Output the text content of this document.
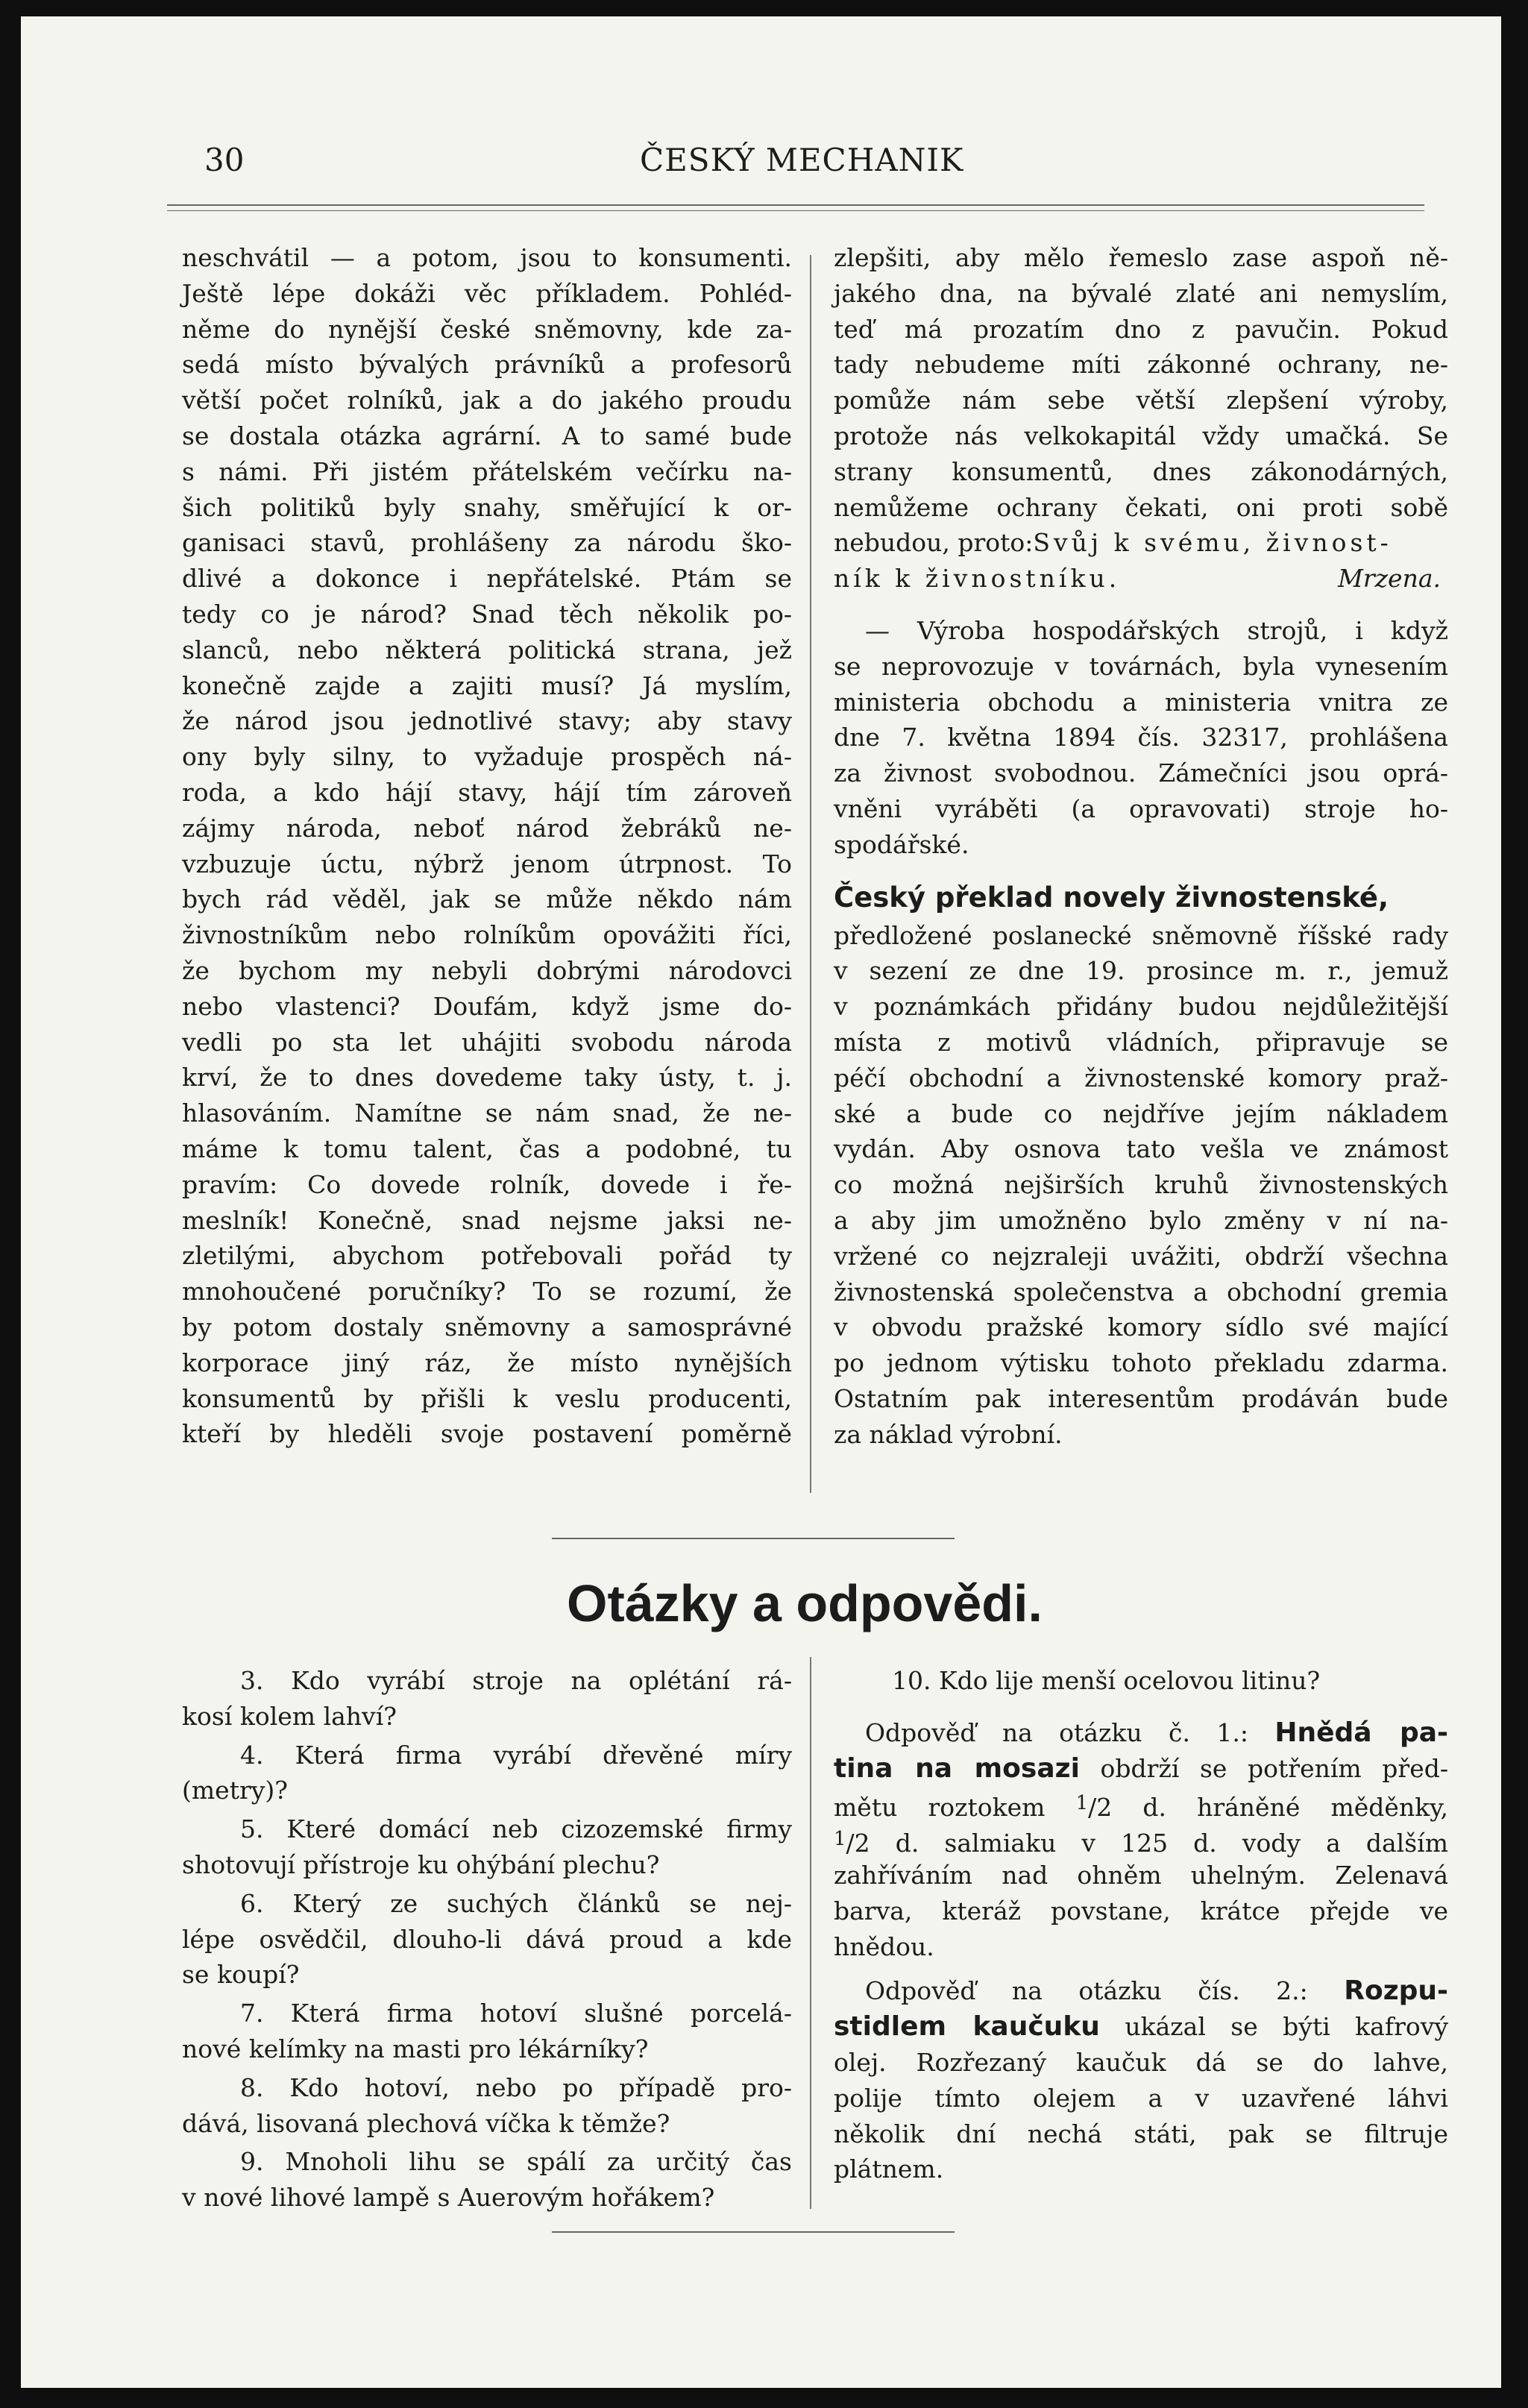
30	ČESKÝ MECHANIK
neschvátil — a potom, jsou to konsumenti.
Ještě lépe dokáži věc příkladem. Pohléd-
něme do nynější české sněmovny, kde za-
sedá místo bývalých právníků a profesorů
větší počet rolníků, jak a do jakého proudu
se dostala otázka agrární. A to samé bude
s námi. Při jistém přátelském večírku na-
šich politiků byly snahy, směřující k or-
ganisaci stavů, prohlášeny za národu ško-
dlivé a dokonce i nepřátelské. Ptám se
tedy co je národ? Snad těch několik po-
slanců, nebo některá politická strana, jež
konečně zajde a zajiti musí? Já myslím,
že národ jsou jednotlivé stavy; aby stavy
ony byly silny, to vyžaduje prospěch ná-
roda, a kdo hájí stavy, hájí tím zároveň
zájmy národa, neboť národ žebráků ne-
vzbuzuje úctu, nýbrž jenom útrpnost. To
bych rád věděl, jak se může někdo nám
živnostníkům nebo rolníkům opovážiti říci,
že bychom my nebyli dobrými národovci
nebo vlastenci? Doufám, když jsme do-
vedli po sta let uhájiti svobodu národa
krví, že to dnes dovedeme taky ústy, t. j.
hlasováním. Namítne se nám snad, že ne-
máme k tomu talent, čas a podobné, tu
pravím: Co dovede rolník, dovede i ře-
meslník! Konečně, snad nejsme jaksi ne-
zletilými, abychom potřebovali pořád ty
mnohoučené poručníky? To se rozumí, že
by potom dostaly sněmovny a samosprávné
korporace jiný ráz, že místo nynějších
konsumentů by přišli k veslu producenti,
kteří by hleděli svoje postavení poměrně
zlepšiti, aby mělo řemeslo zase aspoň ně-
jakého dna, na bývalé zlaté ani nemyslím,
teď má prozatím dno z pavučin. Pokud
tady nebudeme míti zákonné ochrany, ne-
pomůže nám sebe větší zlepšení výroby,
protože nás velkokapitál vždy umačká. Se
strany konsumentů, dnes zákonodárných,
nemůžeme ochrany čekati, oni proti sobě
nebudou, proto:Svůj k svému, živnost-
ník k živnostníku.	Mrzena.
— Výroba hospodářských strojů, i když
se neprovozuje v továrnách, byla vynesením
ministeria obchodu a ministeria vnitra ze
dne 7. května 1894 čís. 32317, prohlášena
za živnost svobodnou. Zámečníci jsou oprá-
vněni vyráběti (a opravovati) stroje ho-
spodářské.
Český překlad novely živnostenské,
předložené poslanecké sněmovně říšské rady
v sezení ze dne 19. prosince m. r., jemuž
v poznámkách přidány budou nejdůležitější
místa z motivů vládních, připravuje se
péčí obchodní a živnostenské komory praž-
ské a bude co nejdříve jejím nákladem
vydán. Aby osnova tato vešla ve známost
co možná nejširších kruhů živnostenských
a aby jim umožněno bylo změny v ní na-
vržené co nejzraleji uvážiti, obdrží všechna
živnostenská společenstva a obchodní gremia
v obvodu pražské komory sídlo své mající
po jednom výtisku tohoto překladu zdarma.
Ostatním pak interesentům prodáván bude
za náklad výrobní.
Otázky a odpovědi.
3. Kdo vyrábí stroje na oplétání rá-
kosí kolem lahví?
4. Která firma vyrábí dřevěné míry
(metry)?
5. Které domácí neb cizozemské firmy
shotovují přístroje ku ohýbání plechu?
6. Který ze suchých článků se nej-
lépe osvědčil, dlouho-li dává proud a kde
se koupí?
7. Která firma hotoví slušné porcelá-
nové kelímky na masti pro lékárníky?
8. Kdo hotoví, nebo po případě pro-
dává, lisovaná plechová víčka k těmže?
9. Mnoholi lihu se spálí za určitý čas
v nové lihové lampě s Auerovým hořákem?
10. Kdo lije menší ocelovou litinu?
Odpověď na otázku č. 1.: Hnědá pa-
tina na mosazi obdrží se potřením před-
mětu roztokem $^1$/2 d. hráněné měděnky,
$^1$/2 d. salmiaku v 125 d. vody a dalším
zahříváním nad ohněm uhelným. Zelenavá
barva, kteráž povstane, krátce přejde ve
hnědou.
Odpověď na otázku čís. 2.: Rozpu-
stidlem kaučuku ukázal se býti kafrový
olej. Rozřezaný kaučuk dá se do lahve,
polije tímto olejem a v uzavřené láhvi
několik dní nechá státi, pak se filtruje
plátnem.
